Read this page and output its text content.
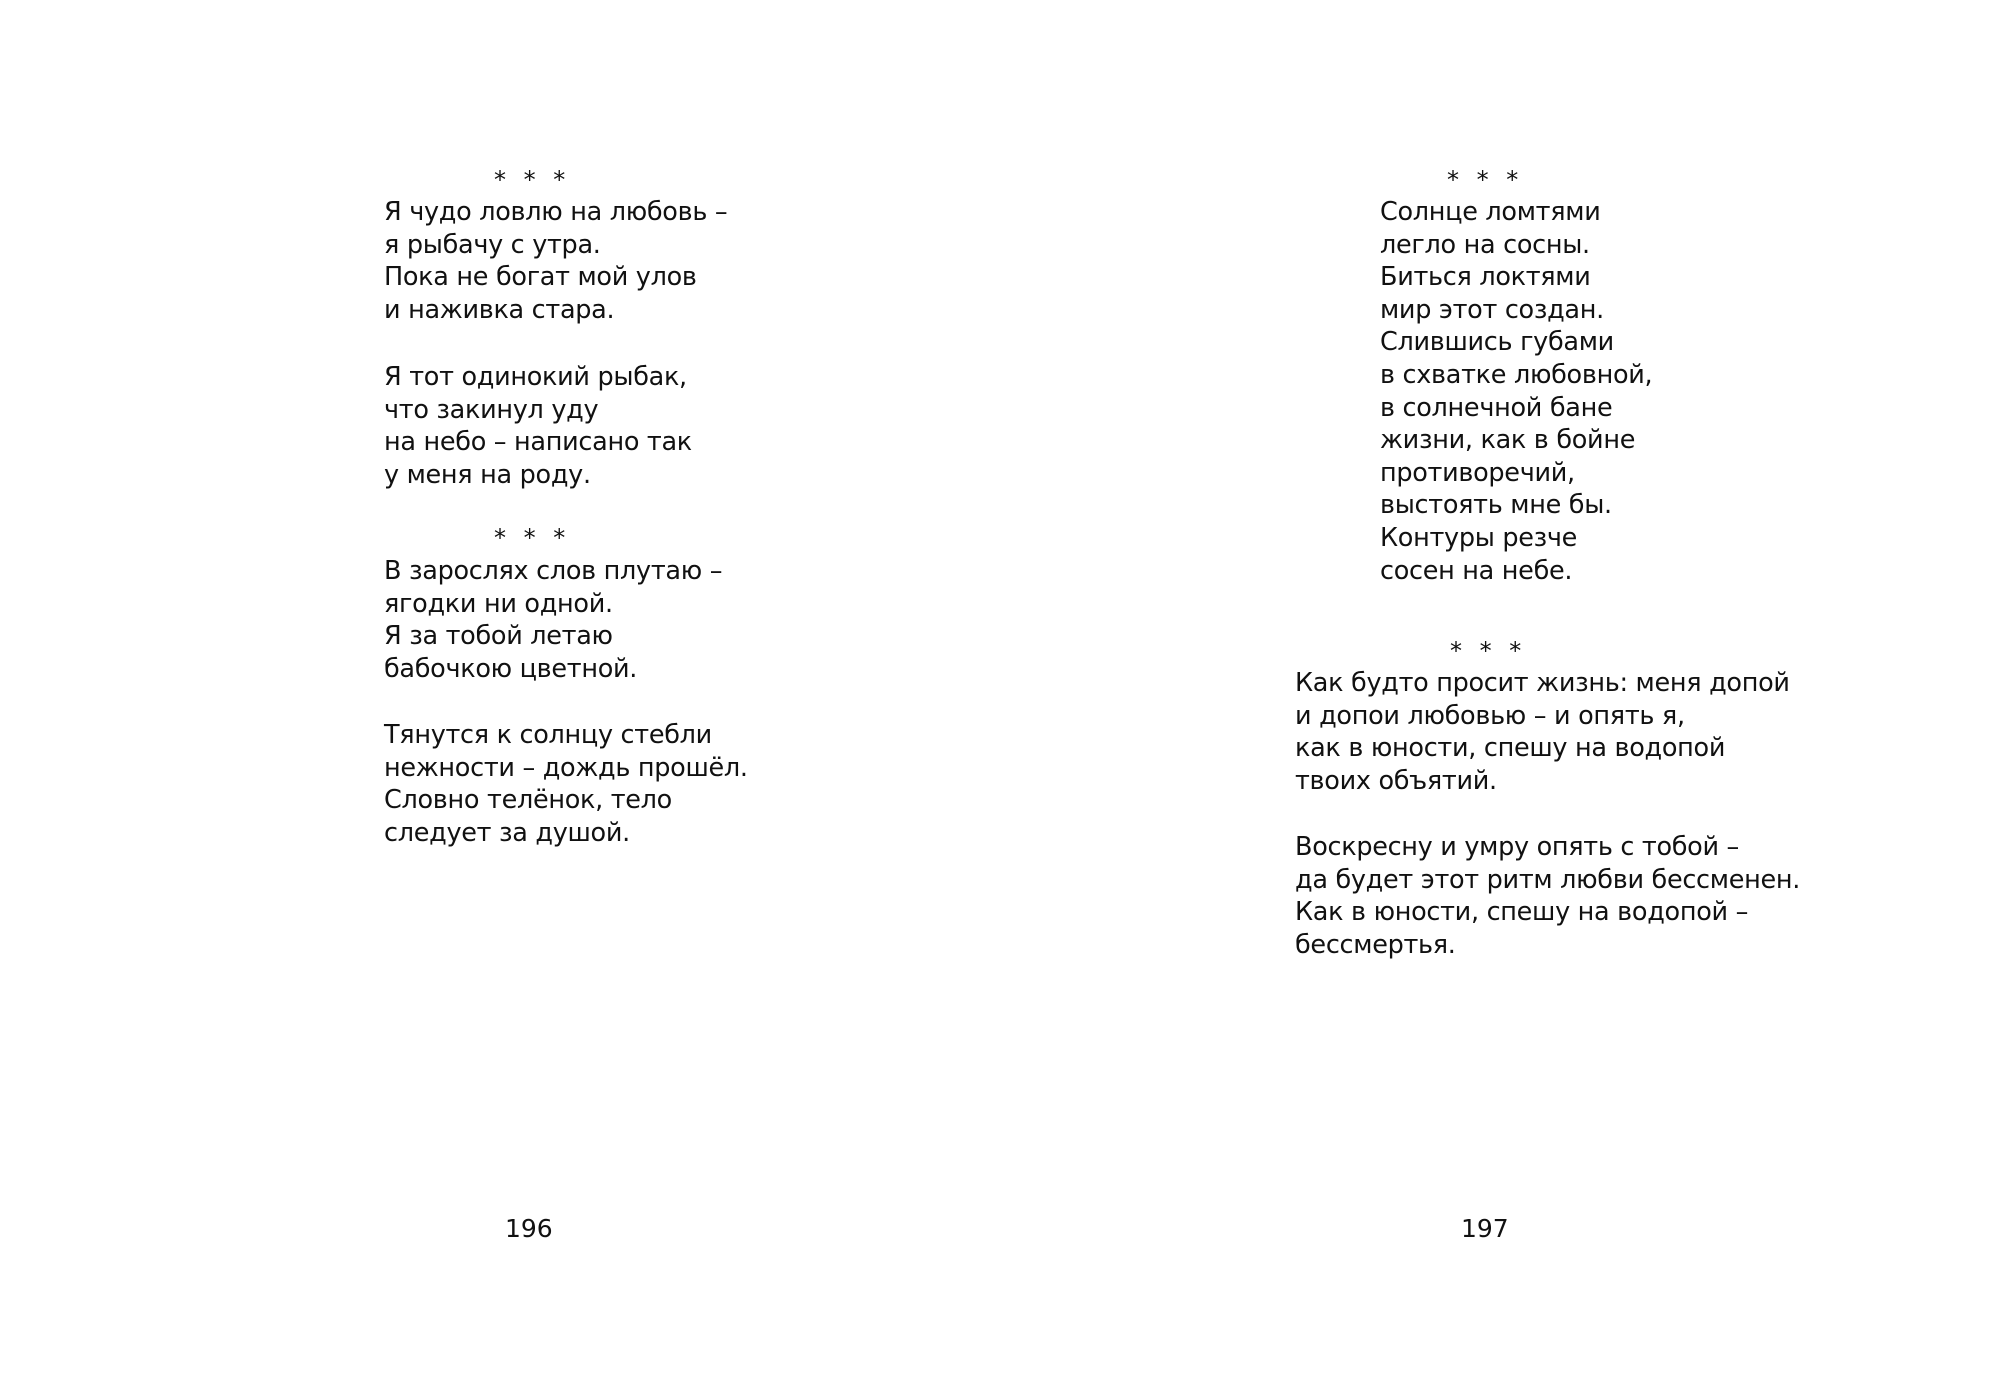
* * *
Я чудо ловлю на любовь –
я рыбачу с утра.
Пока не богат мой улов
и наживка стара.
Я тот одинокий рыбак,
что закинул уду
на небо – написано так
у меня на роду.
* * *
В зарослях слов плутаю –
ягодки ни одной.
Я за тобой летаю
бабочкою цветной.
Тянутся к солнцу стебли
нежности – дождь прошёл.
Словно телёнок, тело
следует за душой.
196
* * *
Солнце ломтями
легло на сосны.
Биться локтями
мир этот создан.
Слившись губами
в схватке любовной,
в солнечной бане
жизни, как в бойне
противоречий,
выстоять мне бы.
Контуры резче
сосен на небе.
* * *
Как будто просит жизнь: меня допой
и допои любовью – и опять я,
как в юности, спешу на водопой
твоих объятий.
Воскресну и умру опять с тобой –
да будет этот ритм любви бессменен.
Как в юности, спешу на водопой –
бессмертья.
197
